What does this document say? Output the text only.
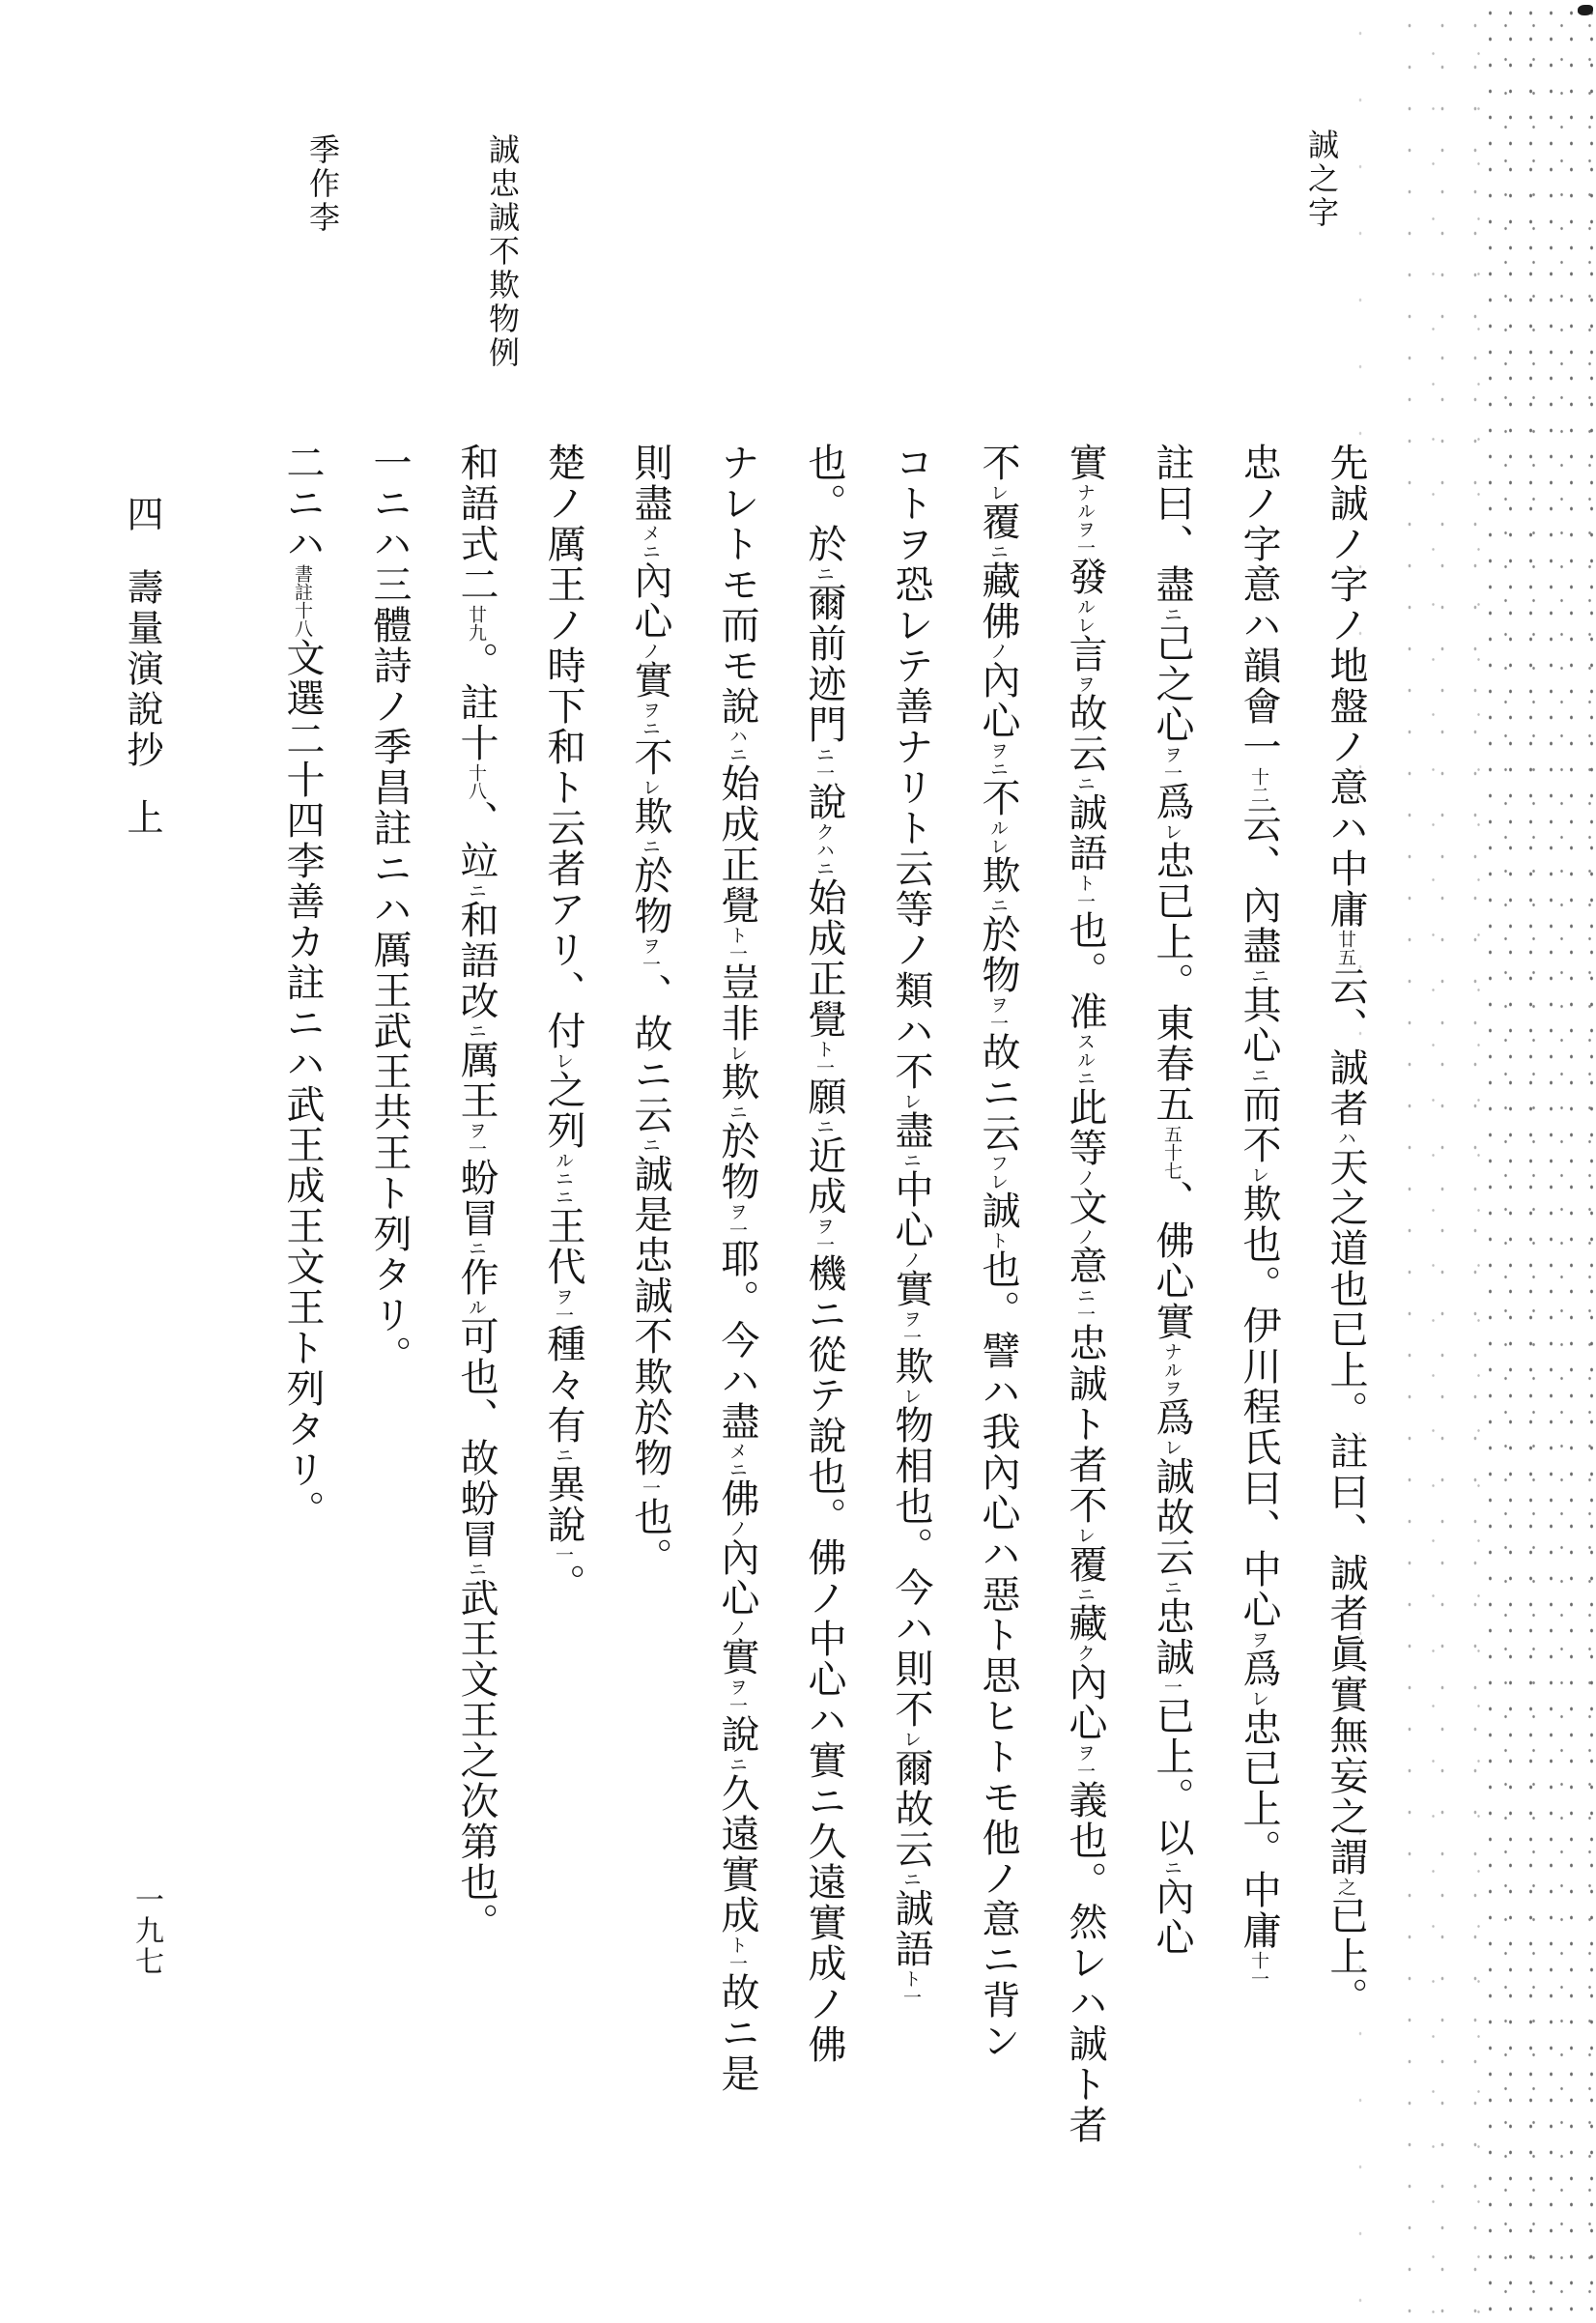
誠之字
誠忠誠不欺物例
季作李
先誠ノ字ノ地盤ノ意ハ中庸廿五云、誠者ハ天之道也已上。註曰、誠者眞實無妄之謂之已上。
忠ノ字意ハ韻會一十二云、內盡ニ其心ニ而不レ欺也。伊川程氏曰、中心ヲ爲レ忠已上。中庸十一
註曰、盡ニ己之心ヲ一爲レ忠已上。東春五五十七、佛心實ナルヲ爲レ誠故云ニ忠誠一已上。以ニ內心
實ナルヲ一發ルレ言ヲ故云ニ誠語ト一也。准スルニ此等ノ文ノ意ニ一忠誠ト者不レ覆ニ藏ク內心ヲ一義也。然レハ誠ト者
不レ覆ニ藏佛ノ內心ヲニ不ルレ欺ニ於物ヲ一故ニ云フレ誠ト也。譬ハ我內心ハ惡ト思ヒトモ他ノ意ニ背ン
コトヲ恐レテ善ナリト云等ノ類ハ不レ盡ニ中心ノ實ヲ一欺レ物相也。今ハ則不レ爾故云ニ誠語ト一
也。於ニ爾前迹門ニ一說クハニ始成正覺ト一願ニ近成ヲ一機ニ從テ說也。佛ノ中心ハ實ニ久遠實成ノ佛
ナレトモ而モ說ハニ始成正覺ト一豈非レ欺ニ於物ヲ一耶。今ハ盡メニ佛ノ內心ノ實ヲ一說ニ久遠實成ト一故ニ是
則盡メニ內心ノ實ヲニ不レ欺ニ於物ヲ一、故ニ云ニ誠是忠誠不欺於物一也。
楚ノ厲王ノ時下和ト云者アリ、付レ之列ルニニ王代ヲ一種々有ニ異說一。
和語式二廿九。註十十八、竝ニ和語改ニ厲王ヲ一蚡冒ニ作ル可也、故蚡冒ニ武王文王之次第也。
一ニハ三體詩ノ季昌註ニハ厲王武王共王ト列タリ。
二ニハ書註十八文選二十四李善カ註ニハ武王成王文王ト列タリ。
四壽量演說抄上
一九七
